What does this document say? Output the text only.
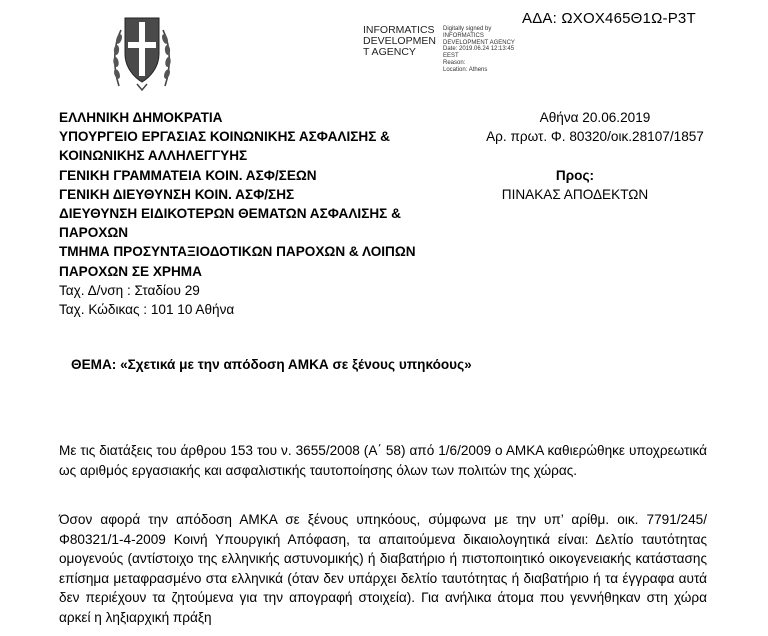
INFORMATICS
DEVELOPMEN
T AGENCY
Digitally signed by
INFORMATICS
DEVELOPMENT AGENCY
Date: 2019.06.24 12:13:45
EEST
Reason:
Location: Athens
ΑΔΑ: ΩΧΟΧ465Θ1Ω-Ρ3Τ
ΕΛΛΗΝΙΚΗ ΔΗΜΟΚΡΑΤΙΑ
ΥΠΟΥΡΓΕΙΟ ΕΡΓΑΣΙΑΣ ΚΟΙΝΩΝΙΚΗΣ ΑΣΦΑΛΙΣΗΣ &
ΚΟΙΝΩΝΙΚΗΣ ΑΛΛΗΛΕΓΓΥΗΣ
ΓΕΝΙΚΗ ΓΡΑΜΜΑΤΕΙΑ ΚΟΙΝ. ΑΣΦ/ΣΕΩΝ
ΓΕΝΙΚΗ ΔΙΕΥΘΥΝΣΗ ΚΟΙΝ. ΑΣΦ/ΣΗΣ
ΔΙΕΥΘΥΝΣΗ ΕΙΔΙΚΟΤΕΡΩΝ ΘΕΜΑΤΩΝ ΑΣΦΑΛΙΣΗΣ &
ΠΑΡΟΧΩΝ
ΤΜΗΜΑ ΠΡΟΣΥΝΤΑΞΙΟΔΟΤΙΚΩΝ ΠΑΡΟΧΩΝ & ΛΟΙΠΩΝ
ΠΑΡΟΧΩΝ ΣΕ ΧΡΗΜΑ
Ταχ. Δ/νση : Σταδίου 29
Ταχ. Κώδικας : 101 10 Αθήνα
Αθήνα 20.06.2019
Αρ. πρωτ. Φ. 80320/οικ.28107/1857
Προς:
ΠΙΝΑΚΑΣ ΑΠΟΔΕΚΤΩΝ
ΘΕΜΑ: «Σχετικά με την απόδοση ΑΜΚΑ σε ξένους υπηκόους»
Με τις διατάξεις του άρθρου 153 του ν. 3655/2008 (Α΄ 58) από 1/6/2009 ο ΑΜΚΑ καθιερώθηκε υποχρεωτικά ως αριθμός εργασιακής και ασφαλιστικής ταυτοποίησης όλων των πολιτών της χώρας.
Όσον αφορά την απόδοση ΑΜΚΑ σε ξένους υπηκόους, σύμφωνα με την υπ’ αρίθμ. οικ. 7791/245/Φ80321/1-4-2009 Κοινή Υπουργική Απόφαση, τα απαιτούμενα δικαιολογητικά είναι: Δελτίο ταυτότητας ομογενούς (αντίστοιχο της ελληνικής αστυνομικής) ή διαβατήριο ή πιστοποιητικό οικογενειακής κατάστασης επίσημα μεταφρασμένο στα ελληνικά (όταν δεν υπάρχει δελτίο ταυτότητας ή διαβατήριο ή τα έγγραφα αυτά δεν περιέχουν τα ζητούμενα για την απογραφή στοιχεία). Για ανήλικα άτομα που γεννήθηκαν στη χώρα αρκεί η ληξιαρχική πράξη
